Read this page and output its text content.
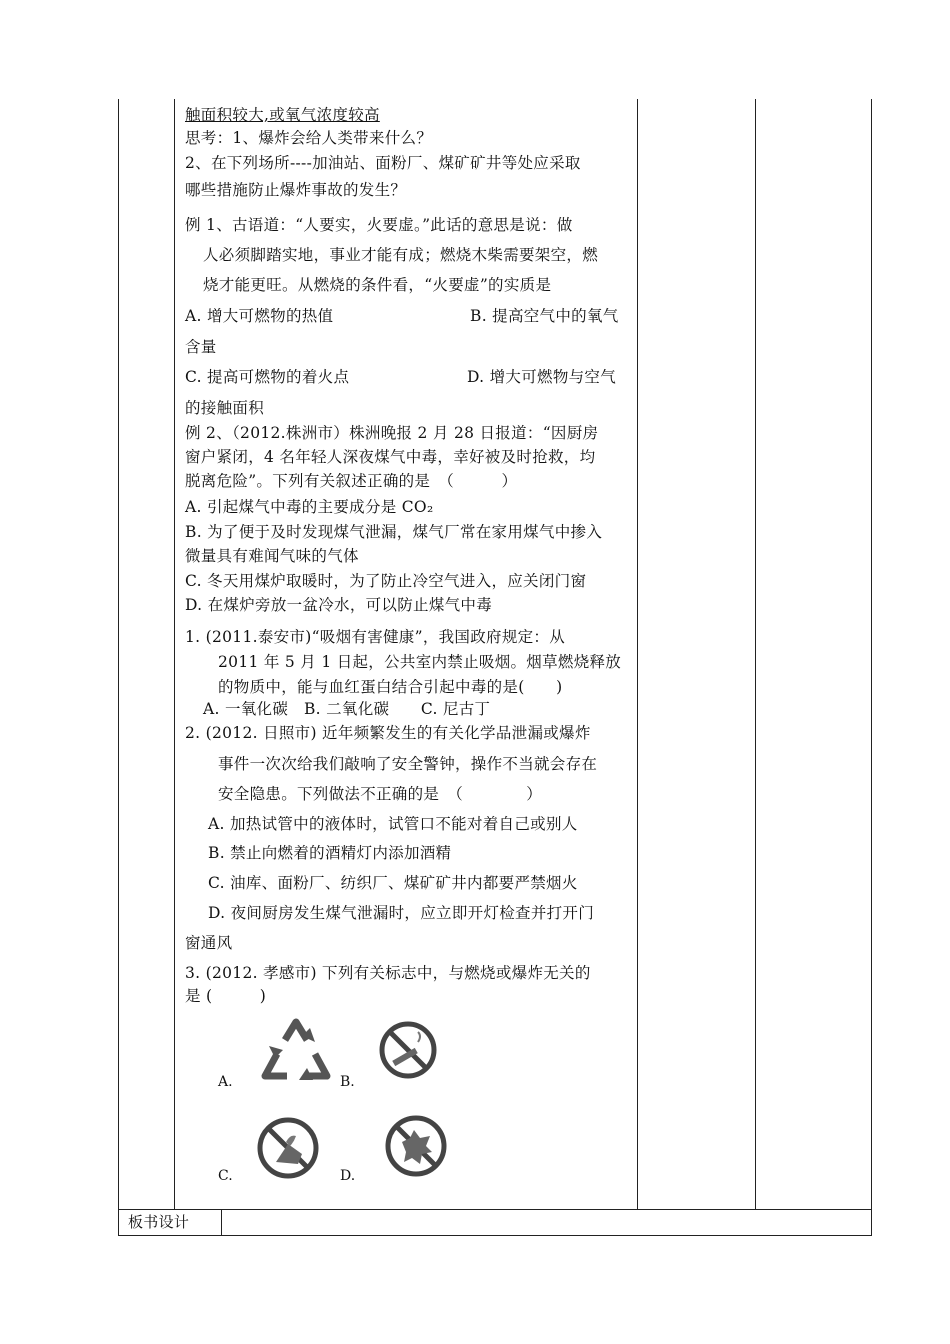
触面积较大,或氧气浓度较高
思考：1、爆炸会给人类带来什么？
2、在下列场所----加油站、面粉厂、煤矿矿井等处应采取
哪些措施防止爆炸事故的发生？
例 1、古语道：“人要实，火要虚。”此话的意思是说：做
人必须脚踏实地，事业才能有成；燃烧木柴需要架空，燃
烧才能更旺。从燃烧的条件看，“火要虚”的实质是
A. 增大可燃物的热值	B. 提高空气中的氧气
含量
C. 提高可燃物的着火点	D. 增大可燃物与空气
的接触面积
例 2、（2012.株洲市）株洲晚报 2 月 28 日报道：“因厨房
窗户紧闭，4 名年轻人深夜煤气中毒，幸好被及时抢救，均
脱离危险”。下列有关叙述正确的是　（　　　）
A. 引起煤气中毒的主要成分是 CO₂
B. 为了便于及时发现煤气泄漏，煤气厂常在家用煤气中掺入
微量具有难闻气味的气体
C. 冬天用煤炉取暖时，为了防止冷空气进入，应关闭门窗
D. 在煤炉旁放一盆冷水，可以防止煤气中毒
1. (2011.泰安市)“吸烟有害健康”，我国政府规定：从
2011 年 5 月 1 日起，公共室内禁止吸烟。烟草燃烧释放
的物质中，能与血红蛋白结合引起中毒的是(　　)
A. 一氧化碳　B. 二氧化碳　　C. 尼古丁
2. (2012. 日照市) 近年频繁发生的有关化学品泄漏或爆炸
事件一次次给我们敲响了安全警钟，操作不当就会存在
安全隐患。下列做法不正确的是　（　　　　）
A. 加热试管中的液体时，试管口不能对着自己或别人
B. 禁止向燃着的酒精灯内添加酒精
C. 油库、面粉厂、纺织厂、煤矿矿井内都要严禁烟火
D. 夜间厨房发生煤气泄漏时，应立即开灯检查并打开门
窗通风
3. (2012. 孝感市) 下列有关标志中，与燃烧或爆炸无关的
是 (　　　)
A.	B.
C.	D.
板书设计
